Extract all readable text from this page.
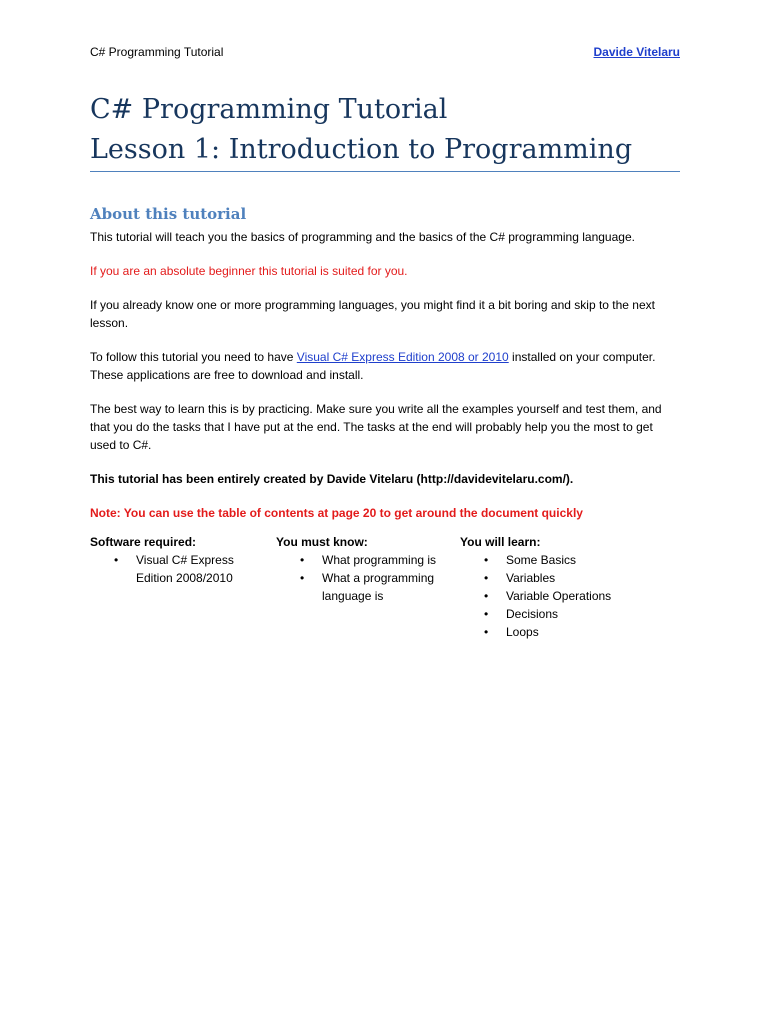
C# Programming Tutorial	Davide Vitelaru
C# Programming Tutorial
Lesson 1: Introduction to Programming
About this tutorial

This tutorial will teach you the basics of programming and the basics of the C# programming language.

If you are an absolute beginner this tutorial is suited for you.

If you already know one or more programming languages, you might find it a bit boring and skip to the next lesson.

To follow this tutorial you need to have Visual C# Express Edition 2008 or 2010 installed on your computer. These applications are free to download and install.

The best way to learn this is by practicing. Make sure you write all the examples yourself and test them, and that you do the tasks that I have put at the end. The tasks at the end will probably help you the most to get used to C#.

This tutorial has been entirely created by Davide Vitelaru (http://davidevitelaru.com/).

Note: You can use the table of contents at page 20 to get around the document quickly

Software required:
• Visual C# Express Edition 2008/2010
You must know:
• What programming is
• What a programming language is
You will learn:
• Some Basics
• Variables
• Variable Operations
• Decisions
• Loops
